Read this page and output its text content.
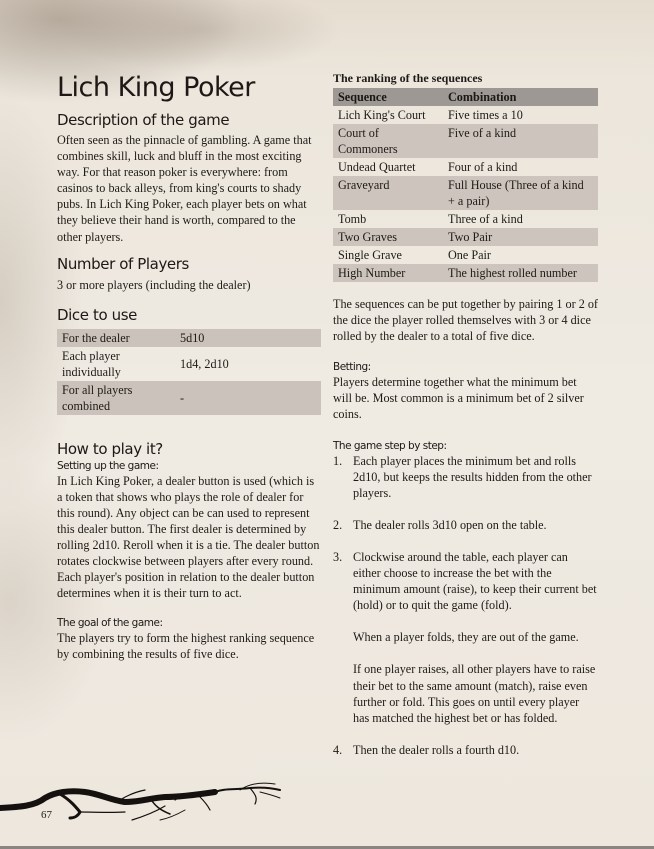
Lich King Poker
Description of the game

Often seen as the pinnacle of gambling. A game that combines skill, luck and bluff in the most exciting way. For that reason poker is everywhere: from casinos to back alleys, from king's courts to shady pubs. In Lich King Poker, each player bets on what they believe their hand is worth, compared to the other players.

Number of Players

3 or more players (including the dealer)

Dice to use
For the dealer	5d10
Each player individually	1d4, 2d10
For all players combined	-
How to play it?
Setting up the game:

In Lich King Poker, a dealer button is used (which is a token that shows who plays the role of dealer for this round). Any object can be can used to represent this dealer button. The first dealer is determined by rolling 2d10. Reroll when it is a tie. The dealer button rotates clockwise between players after every round. Each player's position in relation to the dealer button determines when it is their turn to act.

The goal of the game:

The players try to form the highest ranking sequence by combining the results of five dice.

The ranking of the sequences
Sequence	Combination
Lich King's Court	Five times a 10
Court of Commoners	Five of a kind
Undead Quartet	Four of a kind
Graveyard	Full House (Three of a kind + a pair)
Tomb	Three of a kind
Two Graves	Two Pair
Single Grave	One Pair
High Number	The highest rolled number

The sequences can be put together by pairing 1 or 2 of the dice the player rolled themselves with 3 or 4 dice rolled by the dealer to a total of five dice.

Betting:

Players determine together what the minimum bet will be. Most common is a minimum bet of 2 silver coins.

The game step by step:
1. Each player places the minimum bet and rolls 2d10, but keeps the results hidden from the other players.
2. The dealer rolls 3d10 open on the table.
3. Clockwise around the table, each player can either choose to increase the bet with the minimum amount (raise), to keep their current bet (hold) or to quit the game (fold).
When a player folds, they are out of the game.
If one player raises, all other players have to raise their bet to the same amount (match), raise even further or fold. This goes on until every player has matched the highest bet or has folded.
4. Then the dealer rolls a fourth d10.
67
